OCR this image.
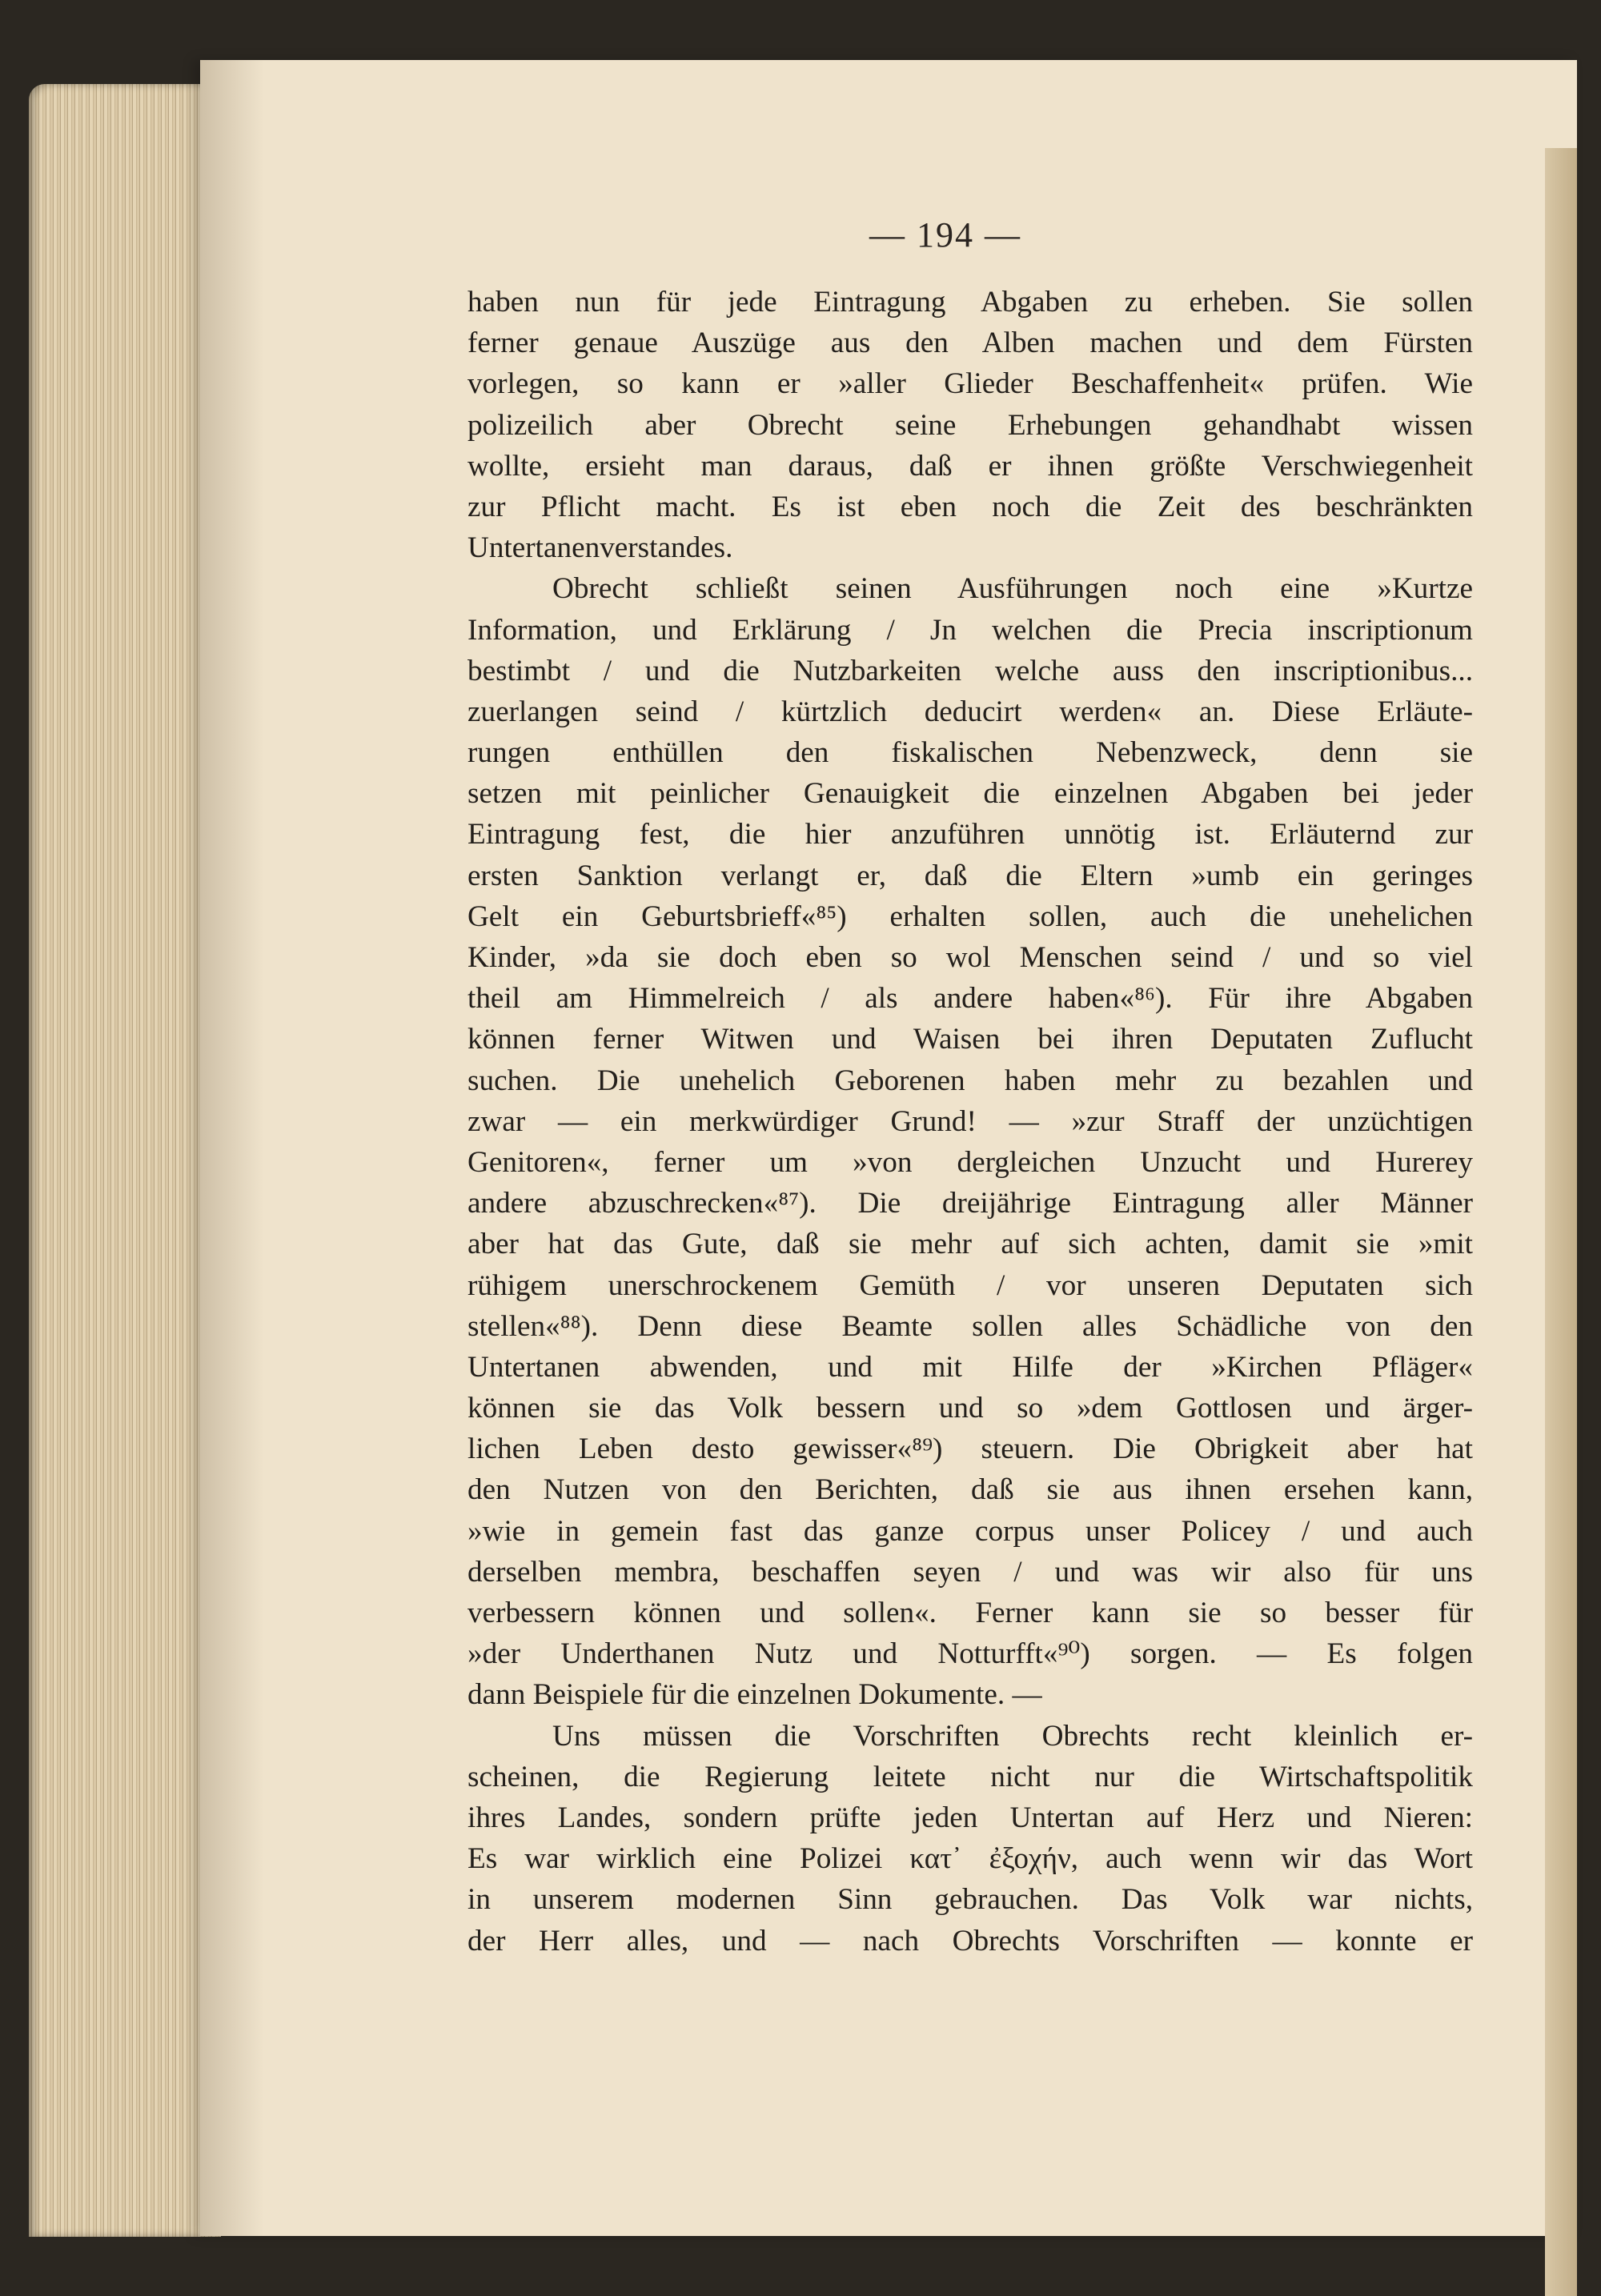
— 194 —
haben nun für jede Eintragung Abgaben zu erheben. Sie sollen
ferner genaue Auszüge aus den Alben machen und dem Fürsten
vorlegen, so kann er »aller Glieder Beschaffenheit« prüfen. Wie
polizeilich aber Obrecht seine Erhebungen gehandhabt wissen
wollte, ersieht man daraus, daß er ihnen größte Verschwiegenheit
zur Pflicht macht. Es ist eben noch die Zeit des beschränkten
Untertanenverstandes.
Obrecht schließt seinen Ausführungen noch eine »Kurtze
Information, und Erklärung / Jn welchen die Precia inscriptionum
bestimbt / und die Nutzbarkeiten welche auss den inscriptionibus...
zuerlangen seind / kürtzlich deducirt werden« an. Diese Erläute-
rungen enthüllen den fiskalischen Nebenzweck, denn sie
setzen mit peinlicher Genauigkeit die einzelnen Abgaben bei jeder
Eintragung fest, die hier anzuführen unnötig ist. Erläuternd zur
ersten Sanktion verlangt er, daß die Eltern »umb ein geringes
Gelt ein Geburtsbrieff«⁸⁵) erhalten sollen, auch die unehelichen
Kinder, »da sie doch eben so wol Menschen seind / und so viel
theil am Himmelreich / als andere haben«⁸⁶). Für ihre Abgaben
können ferner Witwen und Waisen bei ihren Deputaten Zuflucht
suchen. Die unehelich Geborenen haben mehr zu bezahlen und
zwar — ein merkwürdiger Grund! — »zur Straff der unzüchtigen
Genitoren«, ferner um »von dergleichen Unzucht und Hurerey
andere abzuschrecken«⁸⁷). Die dreijährige Eintragung aller Männer
aber hat das Gute, daß sie mehr auf sich achten, damit sie »mit
rühigem unerschrockenem Gemüth / vor unseren Deputaten sich
stellen«⁸⁸). Denn diese Beamte sollen alles Schädliche von den
Untertanen abwenden, und mit Hilfe der »Kirchen Pfläger«
können sie das Volk bessern und so »dem Gottlosen und ärger-
lichen Leben desto gewisser«⁸⁹) steuern. Die Obrigkeit aber hat
den Nutzen von den Berichten, daß sie aus ihnen ersehen kann,
»wie in gemein fast das ganze corpus unser Policey / und auch
derselben membra, beschaffen seyen / und was wir also für uns
verbessern können und sollen«. Ferner kann sie so besser für
»der Underthanen Nutz und Notturfft«⁹⁰) sorgen. — Es folgen
dann Beispiele für die einzelnen Dokumente. —
Uns müssen die Vorschriften Obrechts recht kleinlich er-
scheinen, die Regierung leitete nicht nur die Wirtschaftspolitik
ihres Landes, sondern prüfte jeden Untertan auf Herz und Nieren:
Es war wirklich eine Polizei κατ᾽ ἐξοχήν, auch wenn wir das Wort
in unserem modernen Sinn gebrauchen. Das Volk war nichts,
der Herr alles, und — nach Obrechts Vorschriften — konnte er
